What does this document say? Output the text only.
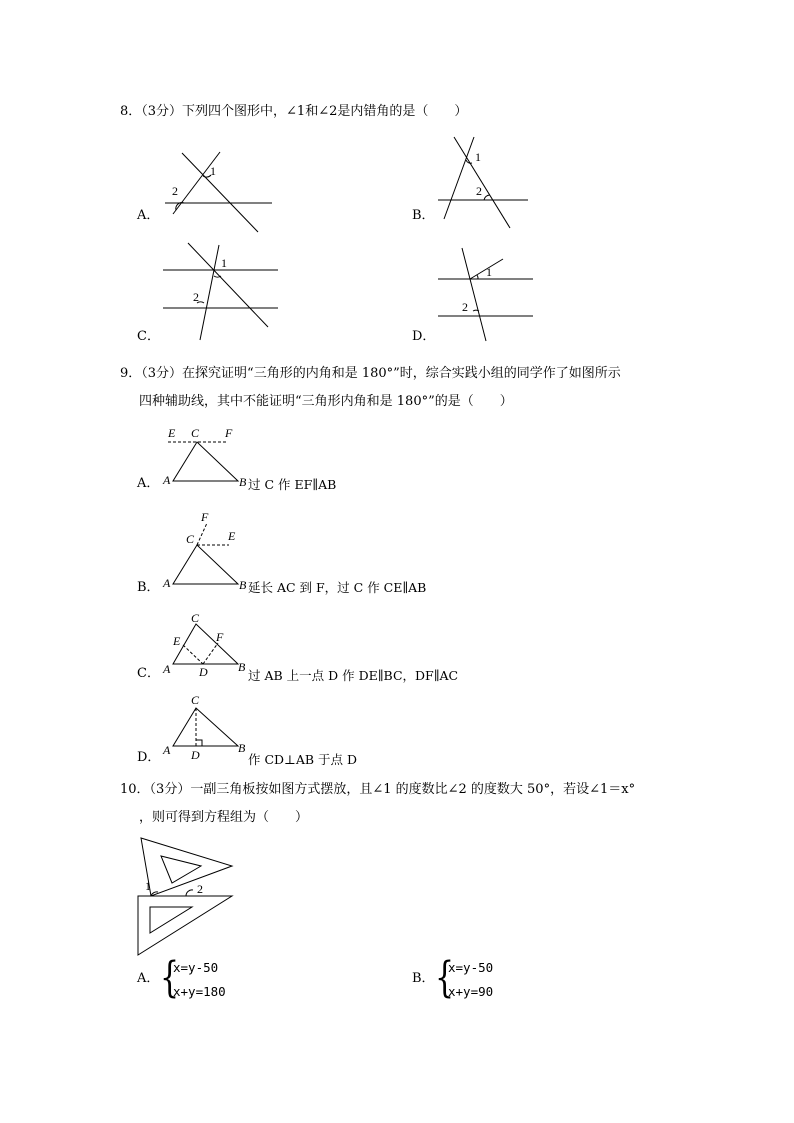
8．（3分）下列四个图形中，∠1和∠2是内错角的是（　　）
A．
2
1
B．
1
2
C．
1
2
D．
1
2
9．（3分）在探究证明“三角形的内角和是 180°”时，综合实践小组的同学作了如图所示
四种辅助线，其中不能证明“三角形内角和是 180°”的是（　　）
A．
E C F
A	B 过 C 作 EF∥AB
B．
F
C	E
A	B 延长 AC 到 F，过 C 作 CE∥AB
C．
C
E	F
A D	B
过 AB 上一点 D 作 DE∥BC，DF∥AC
D．
C
A D	B
作 CD⊥AB 于点 D
10．（3分）一副三角板按如图方式摆放，且∠1 的度数比∠2 的度数大 50°，若设∠1＝x°
，则可得到方程组为（　　）
1	2
A． {
x=y-50
x+y=180
B． {
x=y-50
x+y=90
